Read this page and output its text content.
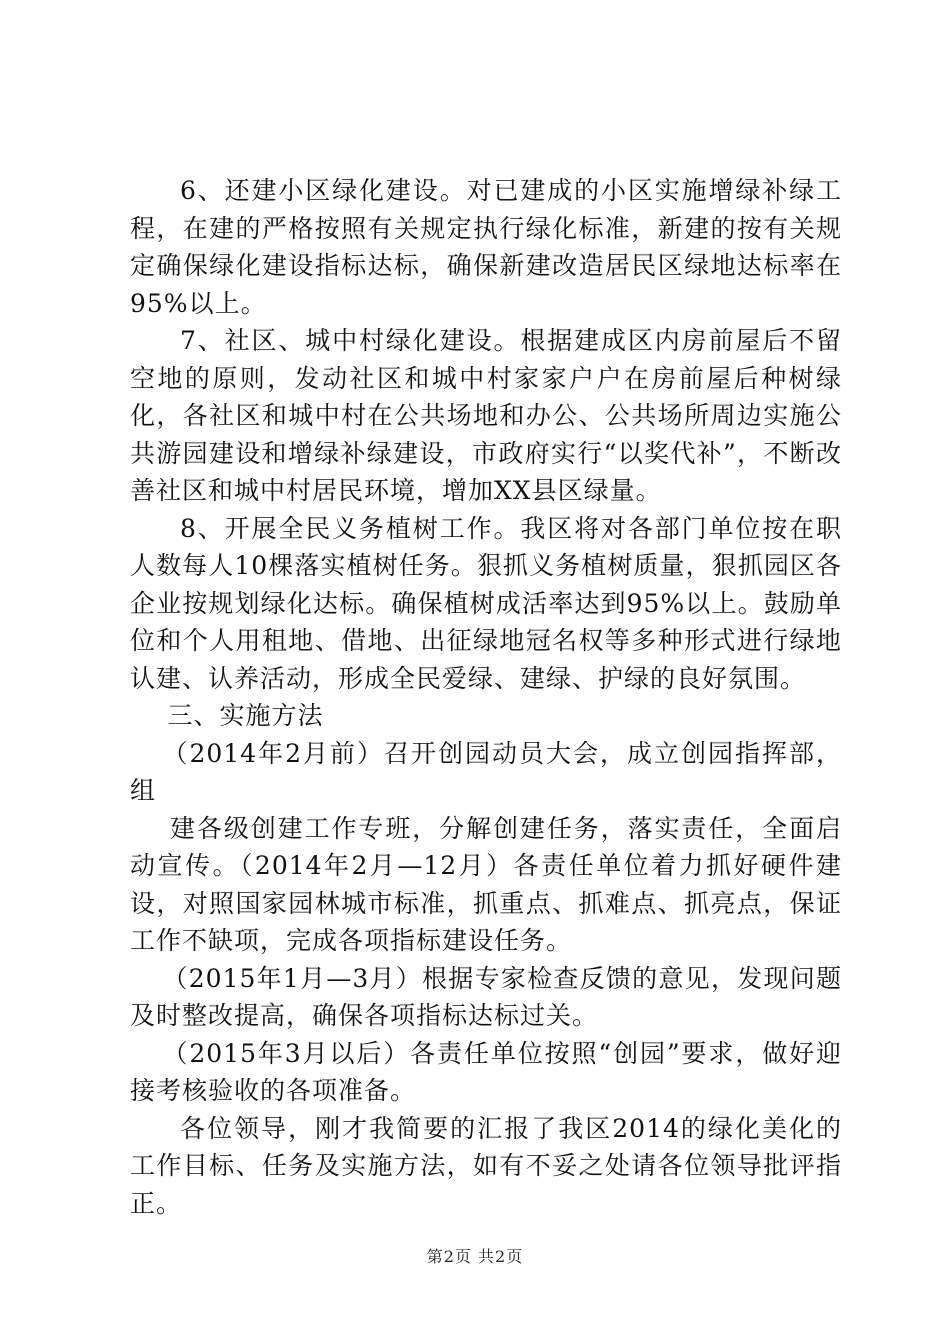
6、还建小区绿化建设。对已建成的小区实施增绿补绿工程，在建的严格按照有关规定执行绿化标准，新建的按有关规定确保绿化建设指标达标，确保新建改造居民区绿地达标率在95%以上。

7、社区、城中村绿化建设。根据建成区内房前屋后不留空地的原则，发动社区和城中村家家户户在房前屋后种树绿化，各社区和城中村在公共场地和办公、公共场所周边实施公共游园建设和增绿补绿建设，市政府实行“以奖代补”，不断改善社区和城中村居民环境，增加XX县区绿量。

8、开展全民义务植树工作。我区将对各部门单位按在职人数每人10棵落实植树任务。狠抓义务植树质量，狠抓园区各企业按规划绿化达标。确保植树成活率达到95%以上。鼓励单位和个人用租地、借地、出征绿地冠名权等多种形式进行绿地认建、认养活动，形成全民爱绿、建绿、护绿的良好氛围。

三、实施方法

（2014年2月前）召开创园动员大会，成立创园指挥部，组

建各级创建工作专班，分解创建任务，落实责任，全面启动宣传。（2014年2月—12月）各责任单位着力抓好硬件建设，对照国家园林城市标准，抓重点、抓难点、抓亮点，保证工作不缺项，完成各项指标建设任务。

（2015年1月—3月）根据专家检查反馈的意见，发现问题及时整改提高，确保各项指标达标过关。

（2015年3月以后）各责任单位按照“创园”要求，做好迎接考核验收的各项准备。

各位领导，刚才我简要的汇报了我区2014的绿化美化的工作目标、任务及实施方法，如有不妥之处请各位领导批评指正。

第2页 共2页
